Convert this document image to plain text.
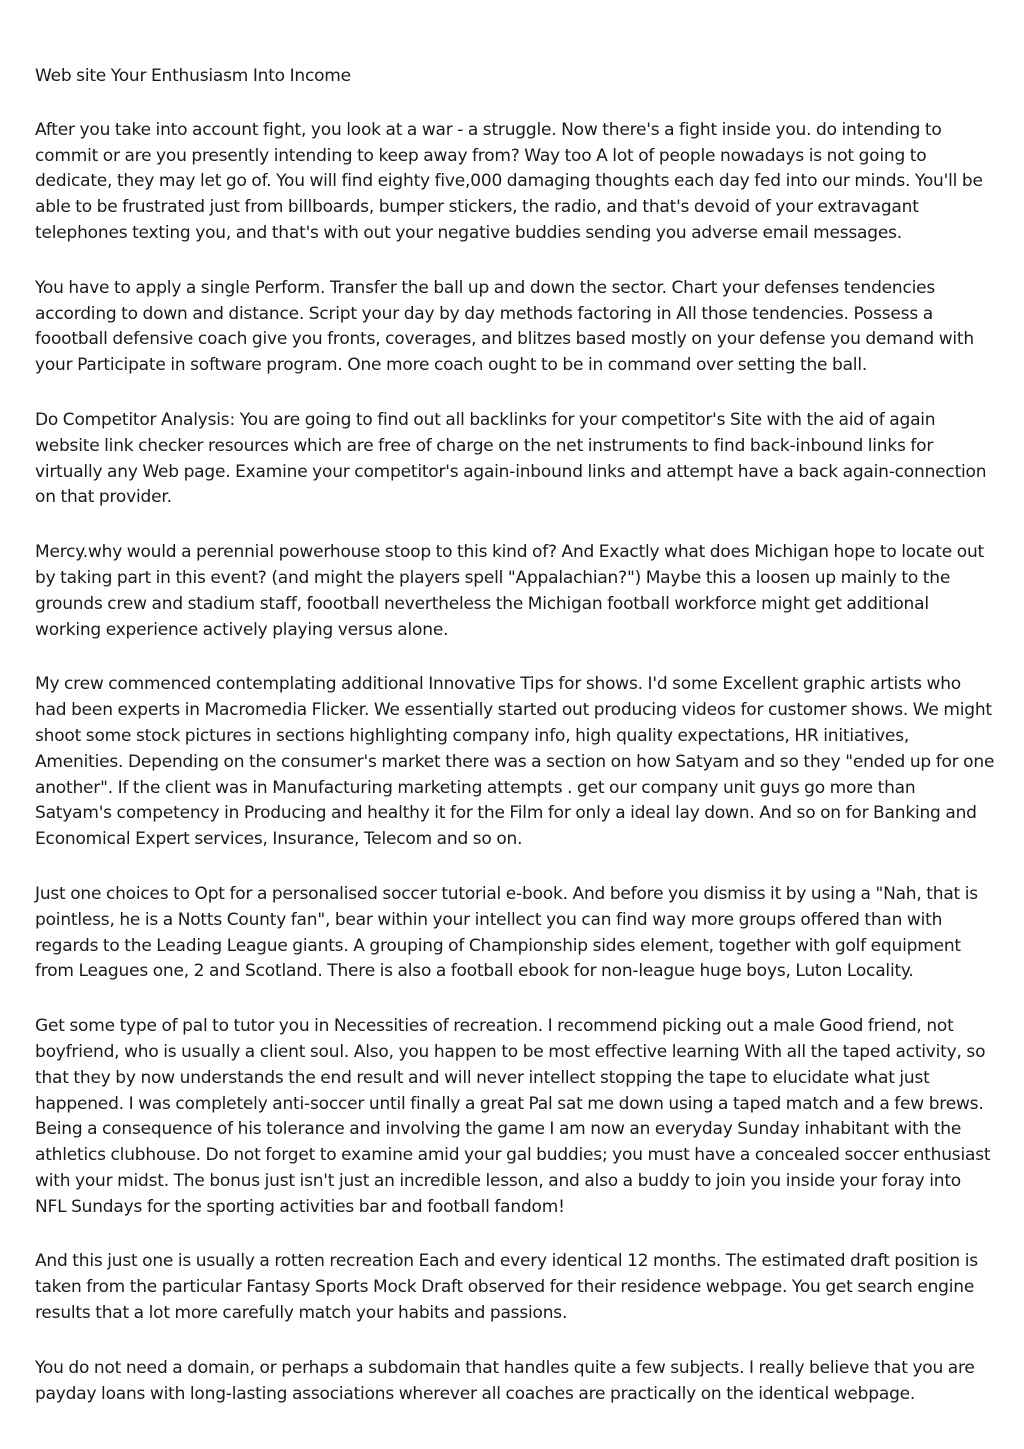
Web site Your Enthusiasm Into Income

After you take into account fight, you look at a war - a struggle. Now there's a fight inside you. do intending to commit or are you presently intending to keep away from? Way too A lot of people nowadays is not going to dedicate, they may let go of. You will find eighty five,000 damaging thoughts each day fed into our minds. You'll be able to be frustrated just from billboards, bumper stickers, the radio, and that's devoid of your extravagant telephones texting you, and that's with out your negative buddies sending you adverse email messages.

You have to apply a single Perform. Transfer the ball up and down the sector. Chart your defenses tendencies according to down and distance. Script your day by day methods factoring in All those tendencies. Possess a foootball defensive coach give you fronts, coverages, and blitzes based mostly on your defense you demand with your Participate in software program. One more coach ought to be in command over setting the ball.

Do Competitor Analysis: You are going to find out all backlinks for your competitor's Site with the aid of again website link checker resources which are free of charge on the net instruments to find back-inbound links for virtually any Web page. Examine your competitor's again-inbound links and attempt have a back again-connection on that provider.

Mercy.why would a perennial powerhouse stoop to this kind of? And Exactly what does Michigan hope to locate out by taking part in this event? (and might the players spell "Appalachian?") Maybe this a loosen up mainly to the grounds crew and stadium staff, foootball nevertheless the Michigan football workforce might get additional working experience actively playing versus alone.

My crew commenced contemplating additional Innovative Tips for shows. I'd some Excellent graphic artists who had been experts in Macromedia Flicker. We essentially started out producing videos for customer shows. We might shoot some stock pictures in sections highlighting company info, high quality expectations, HR initiatives, Amenities. Depending on the consumer's market there was a section on how Satyam and so they "ended up for one another". If the client was in Manufacturing marketing attempts . get our company unit guys go more than Satyam's competency in Producing and healthy it for the Film for only a ideal lay down. And so on for Banking and Economical Expert services, Insurance, Telecom and so on.

Just one choices to Opt for a personalised soccer tutorial e-book. And before you dismiss it by using a "Nah, that is pointless, he is a Notts County fan", bear within your intellect you can find way more groups offered than with regards to the Leading League giants. A grouping of Championship sides element, together with golf equipment from Leagues one, 2 and Scotland. There is also a football ebook for non-league huge boys, Luton Locality.

Get some type of pal to tutor you in Necessities of recreation. I recommend picking out a male Good friend, not boyfriend, who is usually a client soul. Also, you happen to be most effective learning With all the taped activity, so that they by now understands the end result and will never intellect stopping the tape to elucidate what just happened. I was completely anti-soccer until finally a great Pal sat me down using a taped match and a few brews. Being a consequence of his tolerance and involving the game I am now an everyday Sunday inhabitant with the athletics clubhouse. Do not forget to examine amid your gal buddies; you must have a concealed soccer enthusiast with your midst. The bonus just isn't just an incredible lesson, and also a buddy to join you inside your foray into NFL Sundays for the sporting activities bar and football fandom!

And this just one is usually a rotten recreation Each and every identical 12 months. The estimated draft position is taken from the particular Fantasy Sports Mock Draft observed for their residence webpage. You get search engine results that a lot more carefully match your habits and passions.

You do not need a domain, or perhaps a subdomain that handles quite a few subjects. I really believe that you are payday loans with long-lasting associations wherever all coaches are practically on the identical webpage.
